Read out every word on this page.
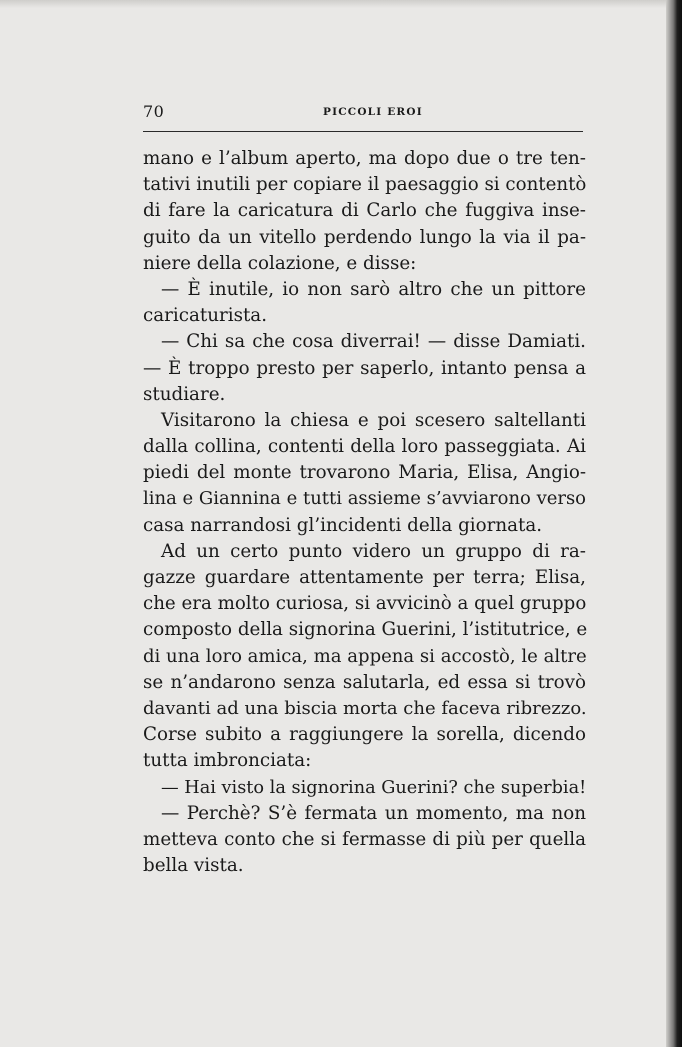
70	PICCOLI EROI
mano e l’album aperto, ma dopo due o tre ten-
tativi inutili per copiare il paesaggio si contentò
di fare la caricatura di Carlo che fuggiva inse-
guito da un vitello perdendo lungo la via il pa-
niere della colazione, e disse:
— È inutile, io non sarò altro che un pittore
caricaturista.
— Chi sa che cosa diverrai! — disse Damiati.
— È troppo presto per saperlo, intanto pensa a
studiare.
Visitarono la chiesa e poi scesero saltellanti
dalla collina, contenti della loro passeggiata. Ai
piedi del monte trovarono Maria, Elisa, Angio-
lina e Giannina e tutti assieme s’avviarono verso
casa narrandosi gl’incidenti della giornata.
Ad un certo punto videro un gruppo di ra-
gazze guardare attentamente per terra; Elisa,
che era molto curiosa, si avvicinò a quel gruppo
composto della signorina Guerini, l’istitutrice, e
di una loro amica, ma appena si accostò, le altre
se n’andarono senza salutarla, ed essa si trovò
davanti ad una biscia morta che faceva ribrezzo.
Corse subito a raggiungere la sorella, dicendo
tutta imbronciata:
— Hai visto la signorina Guerini? che superbia!
— Perchè? S’è fermata un momento, ma non
metteva conto che si fermasse di più per quella
bella vista.
